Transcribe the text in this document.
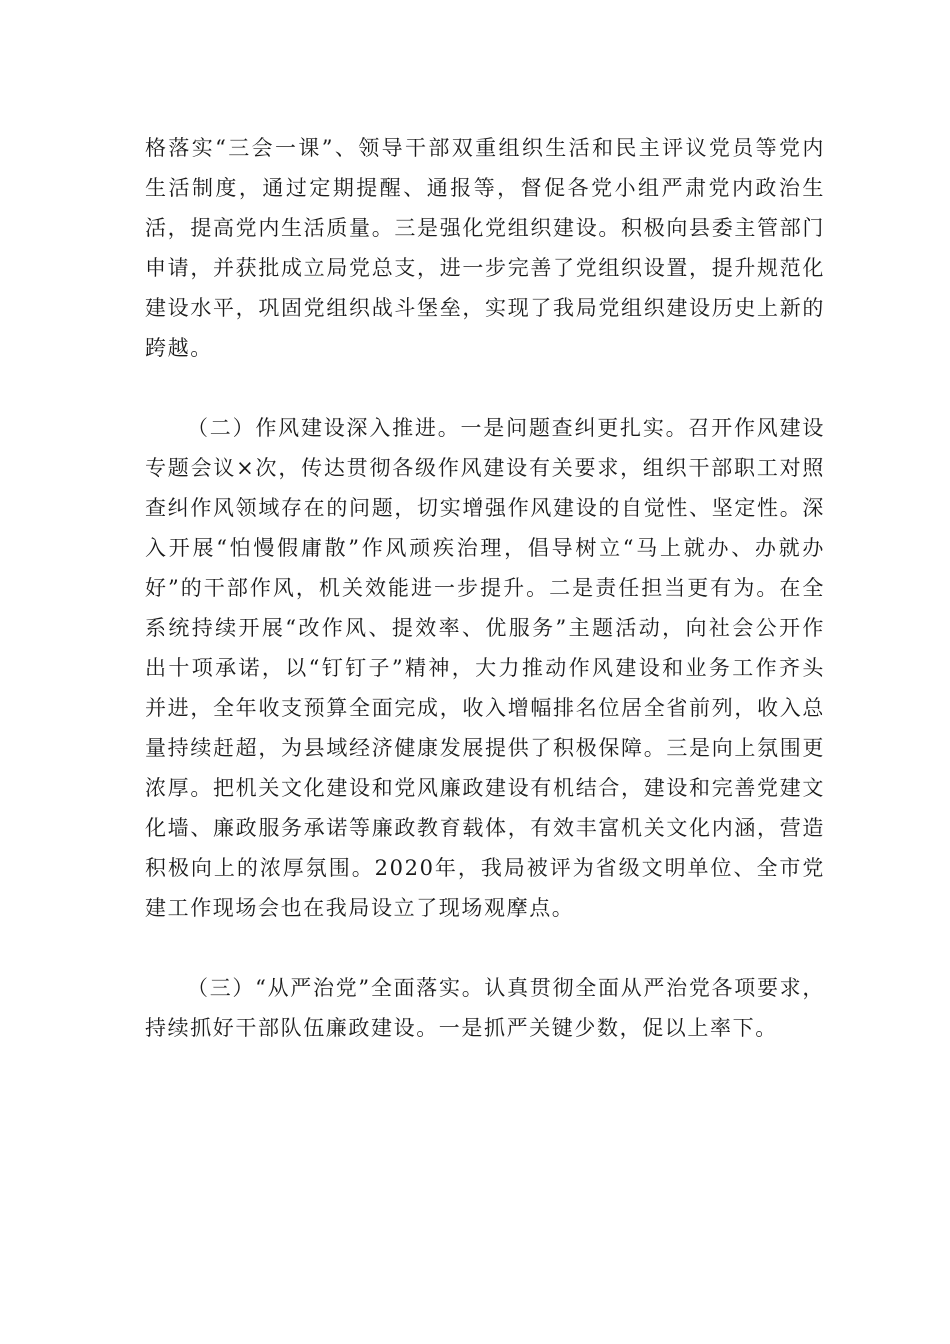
格落实“三会一课”、领导干部双重组织生活和民主评议党员等党内生活制度，通过定期提醒、通报等，督促各党小组严肃党内政治生活，提高党内生活质量。三是强化党组织建设。积极向县委主管部门申请，并获批成立局党总支，进一步完善了党组织设置，提升规范化建设水平，巩固党组织战斗堡垒，实现了我局党组织建设历史上新的跨越。

（二）作风建设深入推进。一是问题查纠更扎实。召开作风建设专题会议×次，传达贯彻各级作风建设有关要求，组织干部职工对照查纠作风领域存在的问题，切实增强作风建设的自觉性、坚定性。深入开展“怕慢假庸散”作风顽疾治理，倡导树立“马上就办、办就办好”的干部作风，机关效能进一步提升。二是责任担当更有为。在全系统持续开展“改作风、提效率、优服务”主题活动，向社会公开作出十项承诺，以“钉钉子”精神，大力推动作风建设和业务工作齐头并进，全年收支预算全面完成，收入增幅排名位居全省前列，收入总量持续赶超，为县域经济健康发展提供了积极保障。三是向上氛围更浓厚。把机关文化建设和党风廉政建设有机结合，建设和完善党建文化墙、廉政服务承诺等廉政教育载体，有效丰富机关文化内涵，营造积极向上的浓厚氛围。2020年，我局被评为省级文明单位、全市党建工作现场会也在我局设立了现场观摩点。

（三）“从严治党”全面落实。认真贯彻全面从严治党各项要求，持续抓好干部队伍廉政建设。一是抓严关键少数，促以上率下。
